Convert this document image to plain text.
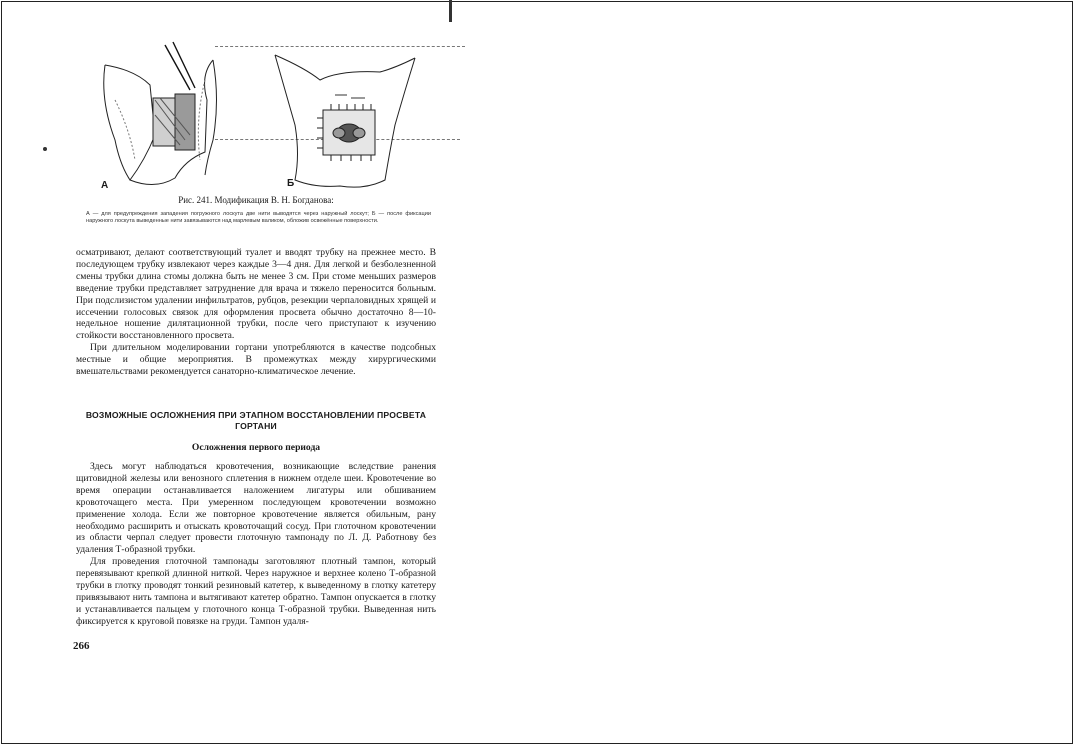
А	Б
Рис. 241. Модификация В. Н. Богданова:
А — для предупреждения западения погружного лоскута две нити выводятся через наружный лоскут; Б — после фиксации наружного лоскута выведенные нити завязываются над марлевым валиком, обложив освежённые поверхности.

осматривают, делают соответствующий туалет и вводят трубку на прежнее место. В последующем трубку извлекают через каждые 3—4 дня. Для легкой и безболезненной смены трубки длина стомы должна быть не менее 3 см. При стоме меньших размеров введение трубки представляет затруднение для врача и тяжело переносится больным. При подслизистом удалении инфильтратов, рубцов, резекции черпаловидных хрящей и иссечении голосовых связок для оформления просвета обычно достаточно 8—10-недельное ношение дилятационной трубки, после чего приступают к изучению стойкости восстановленного просвета.

При длительном моделировании гортани употребляются в качестве подсобных местные и общие мероприятия. В промежутках между хирургическими вмешательствами рекомендуется санаторно-климатическое лечение.

ВОЗМОЖНЫЕ ОСЛОЖНЕНИЯ ПРИ ЭТАПНОМ ВОССТАНОВЛЕНИИ ПРОСВЕТА ГОРТАНИ
Осложнения первого периода

Здесь могут наблюдаться кровотечения, возникающие вследствие ранения щитовидной железы или венозного сплетения в нижнем отделе шеи. Кровотечение во время операции останавливается наложением лигатуры или обшиванием кровоточащего места. При умеренном последующем кровотечении возможно применение холода. Если же повторное кровотечение является обильным, рану необходимо расширить и отыскать кровоточащий сосуд. При глоточном кровотечении из области черпал следует провести глоточную тампонаду по Л. Д. Работнову без удаления Т-образной трубки.

Для проведения глоточной тампонады заготовляют плотный тампон, который перевязывают крепкой длинной ниткой. Через наружное и верхнее колено Т-образной трубки в глотку проводят тонкий резиновый катетер, к выведенному в глотку катетеру привязывают нить тампона и вытягивают катетер обратно. Тампон опускается в глотку и устанавливается пальцем у глоточного конца Т-образной трубки. Выведенная нить фиксируется к круговой повязке на груди. Тампон удаля-

266
